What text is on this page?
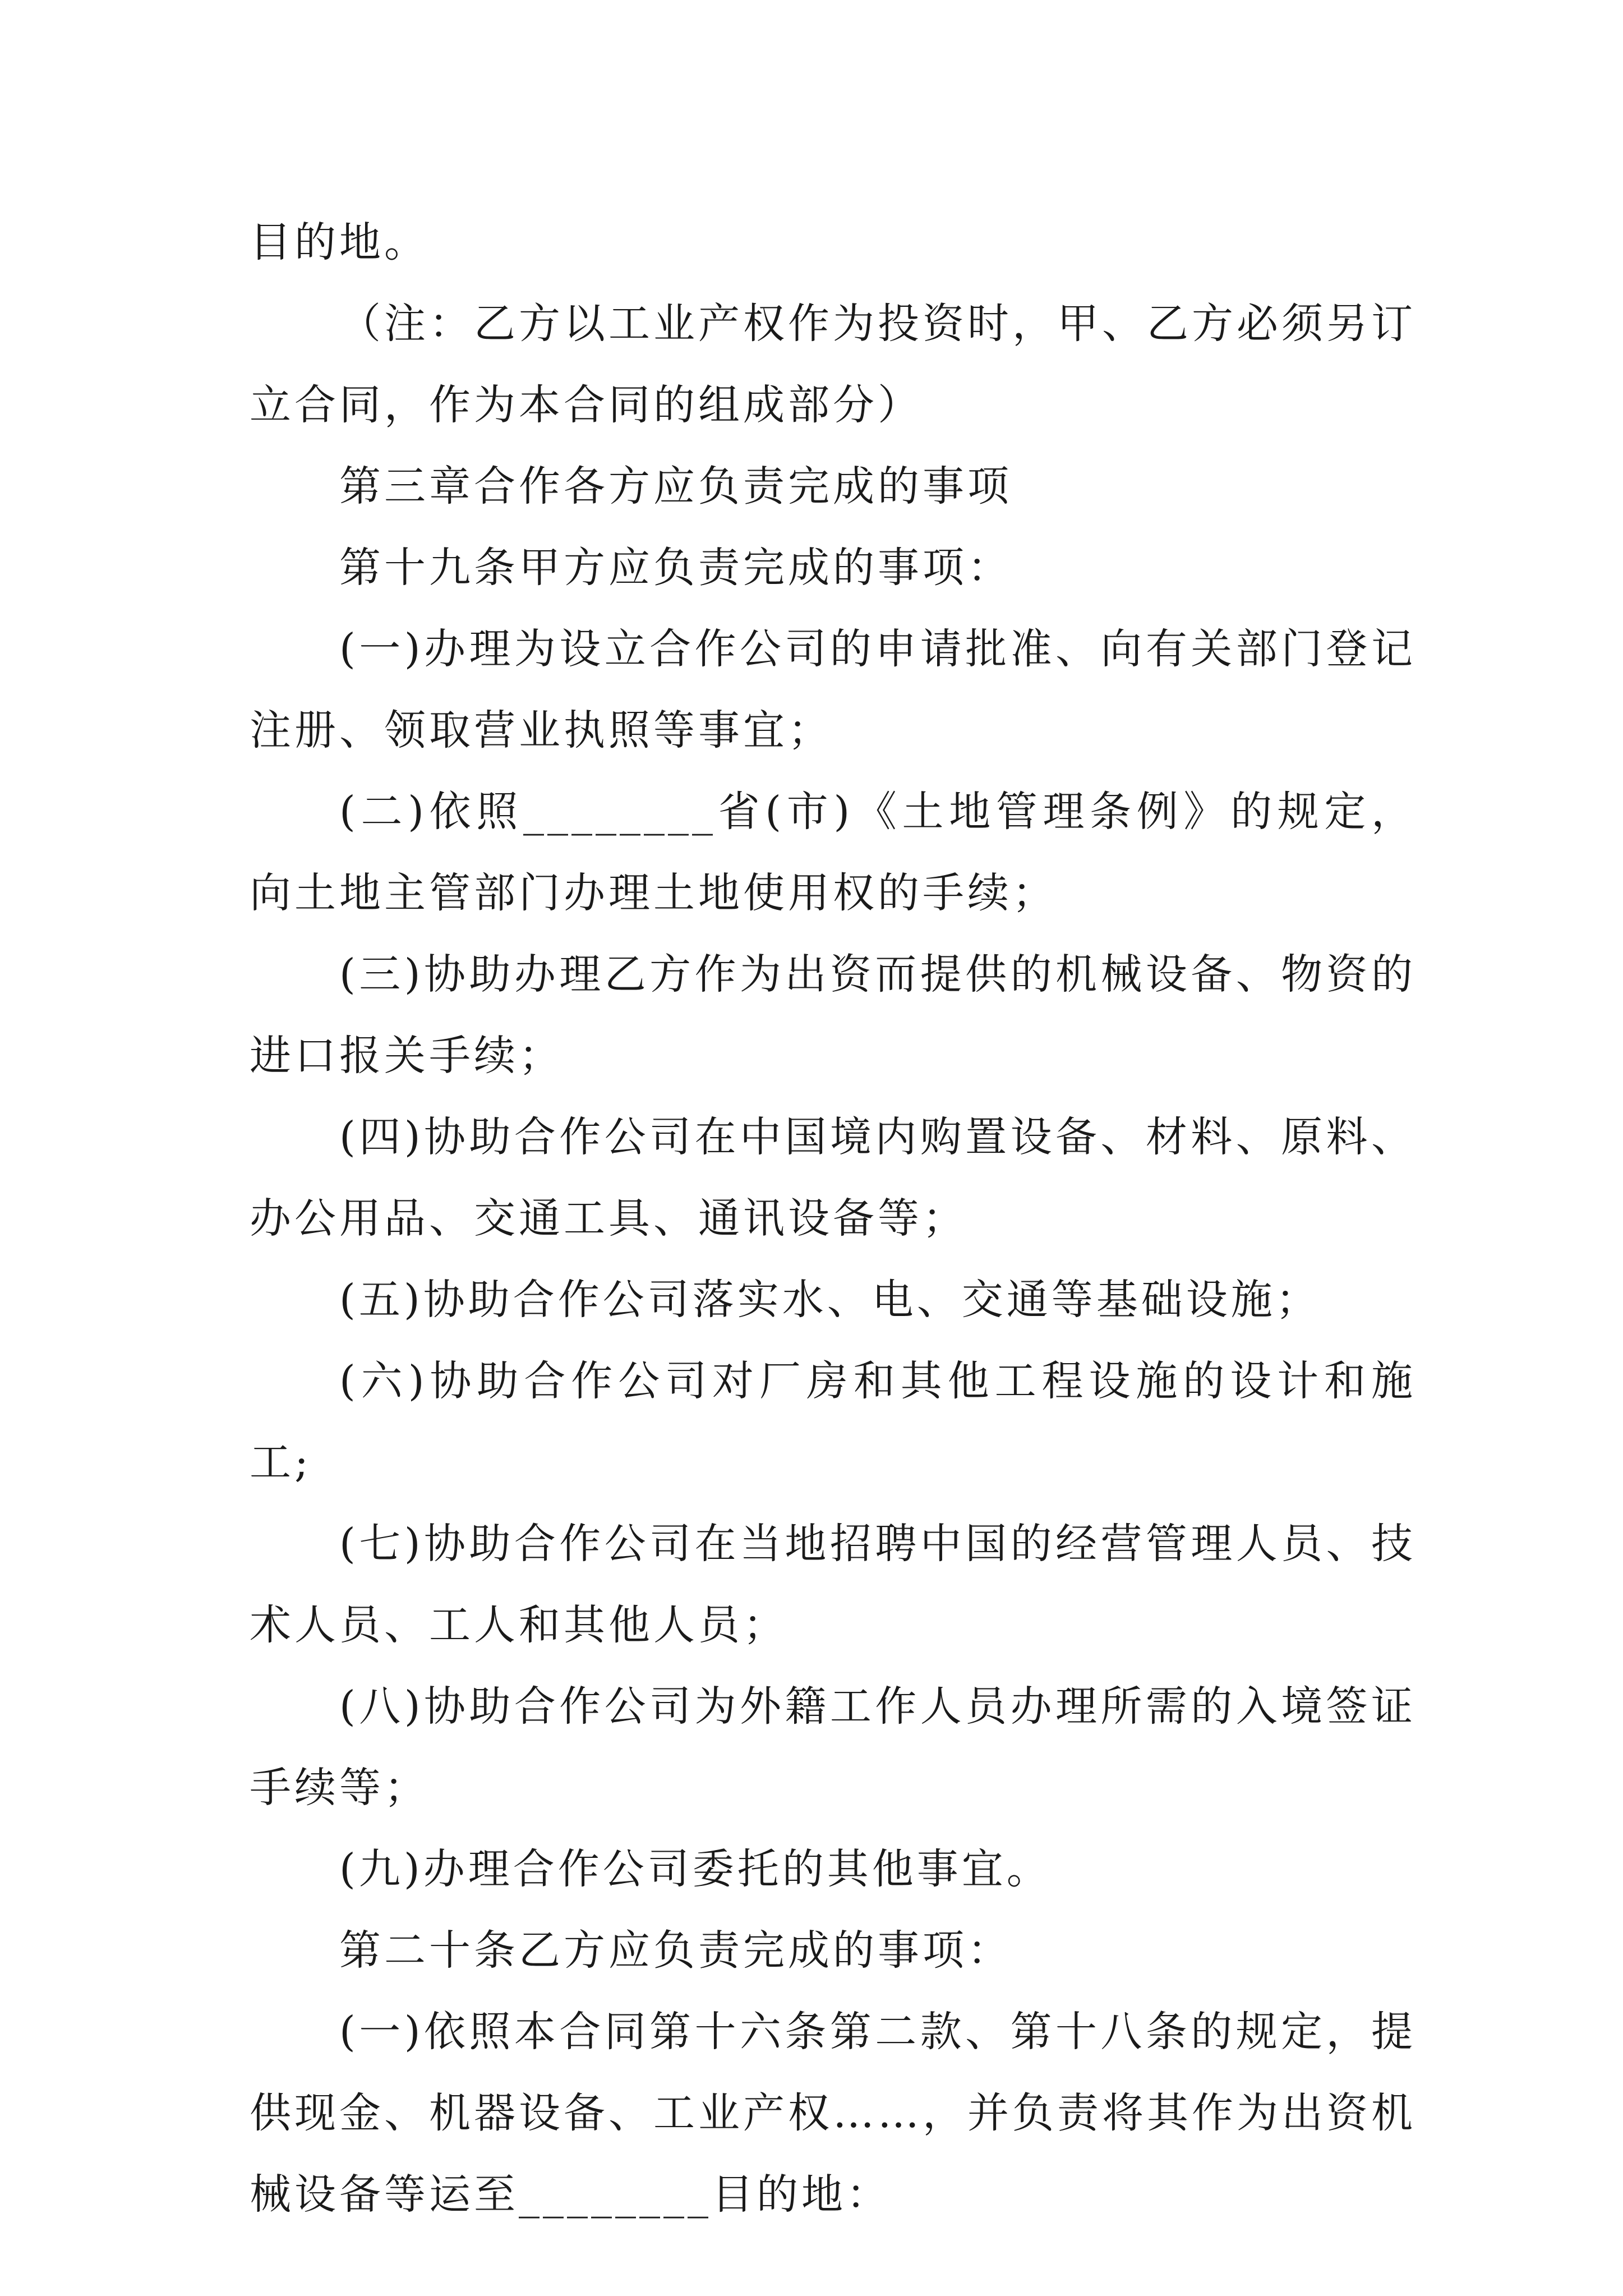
目的地。

（注：乙方以工业产权作为投资时，甲、乙方必须另订立合同，作为本合同的组成部分）

第三章合作各方应负责完成的事项

第十九条甲方应负责完成的事项：

(一)办理为设立合作公司的申请批准、向有关部门登记注册、领取营业执照等事宜；

(二)依照________省(市)《土地管理条例》的规定，向土地主管部门办理土地使用权的手续；

(三)协助办理乙方作为出资而提供的机械设备、物资的进口报关手续；

(四)协助合作公司在中国境内购置设备、材料、原料、办公用品、交通工具、通讯设备等；

(五)协助合作公司落实水、电、交通等基础设施；

(六)协助合作公司对厂房和其他工程设施的设计和施工;

(七)协助合作公司在当地招聘中国的经营管理人员、技术人员、工人和其他人员；

(八)协助合作公司为外籍工作人员办理所需的入境签证手续等；

(九)办理合作公司委托的其他事宜。

第二十条乙方应负责完成的事项：

(一)依照本合同第十六条第二款、第十八条的规定，提供现金、机器设备、工业产权……，并负责将其作为出资机械设备等运至________目的地：
